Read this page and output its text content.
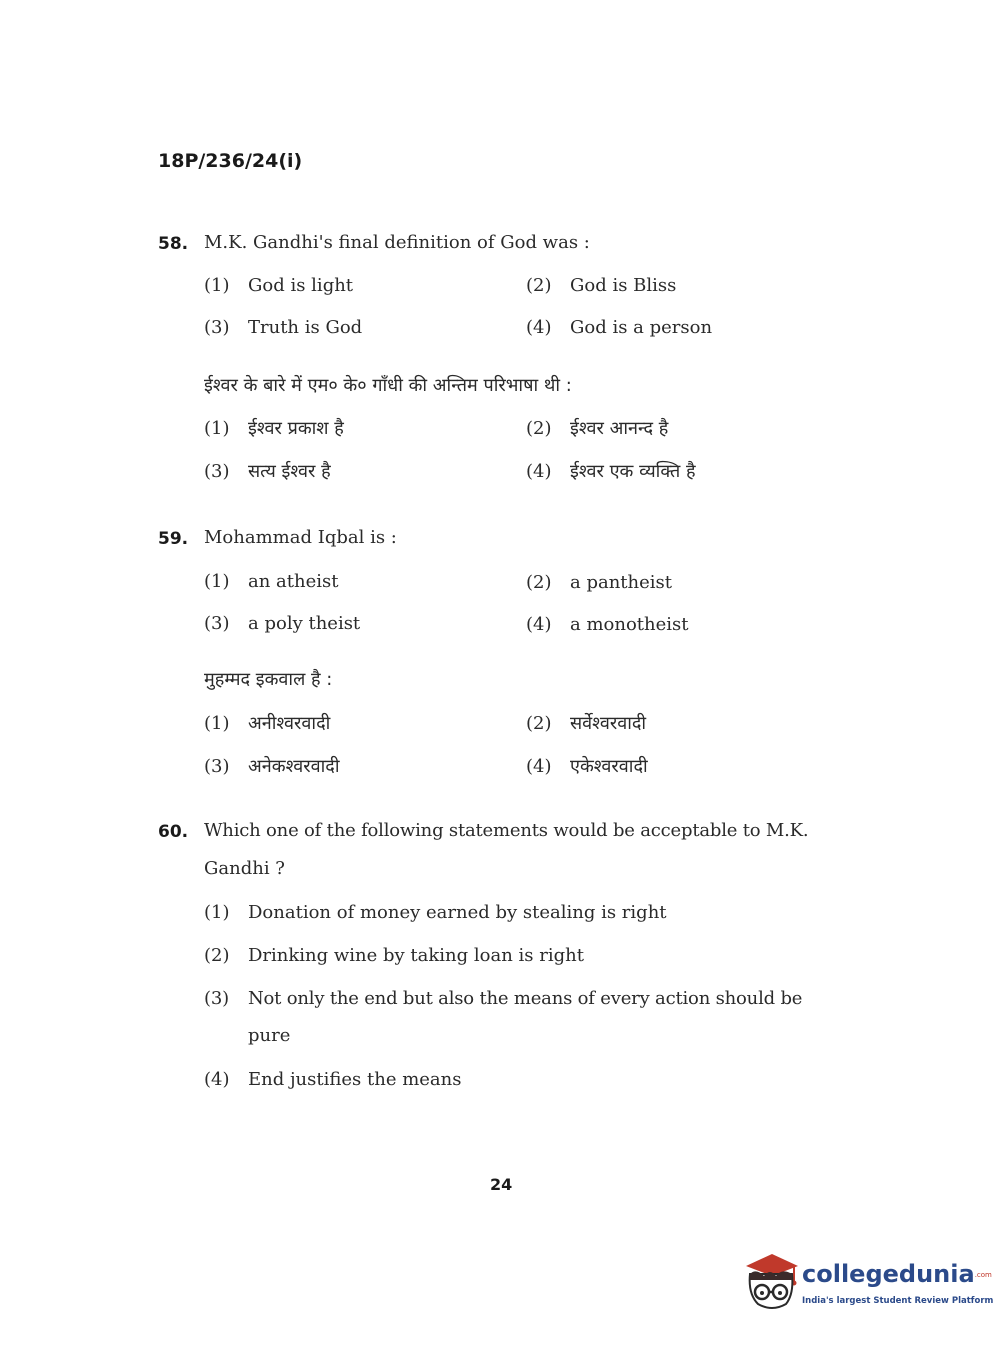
18P/236/24(i)
58. M.K. Gandhi's final definition of God was :
(1) God is light	(2) God is Bliss
(3) Truth is God	(4) God is a person
ईश्वर के बारे में एम० के० गाँधी की अन्तिम परिभाषा थी :
(1) ईश्वर प्रकाश है	(2) ईश्वर आनन्द है
(3) सत्य ईश्वर है	(4) ईश्वर एक व्यक्ति है
59. Mohammad Iqbal is :
(1) an atheist	(2) a pantheist
(3) a poly theist	(4) a monotheist
मुहम्मद इकवाल है :
(1) अनीश्वरवादी	(2) सर्वेश्वरवादी
(3) अनेकश्वरवादी	(4) एकेश्वरवादी
60. Which one of the following statements would be acceptable to M.K.
Gandhi ?
(1) Donation of money earned by stealing is right
(2) Drinking wine by taking loan is right
(3) Not only the end but also the means of every action should be
pure
(4) End justifies the means
24
collegedunia.com
India's largest Student Review Platform
